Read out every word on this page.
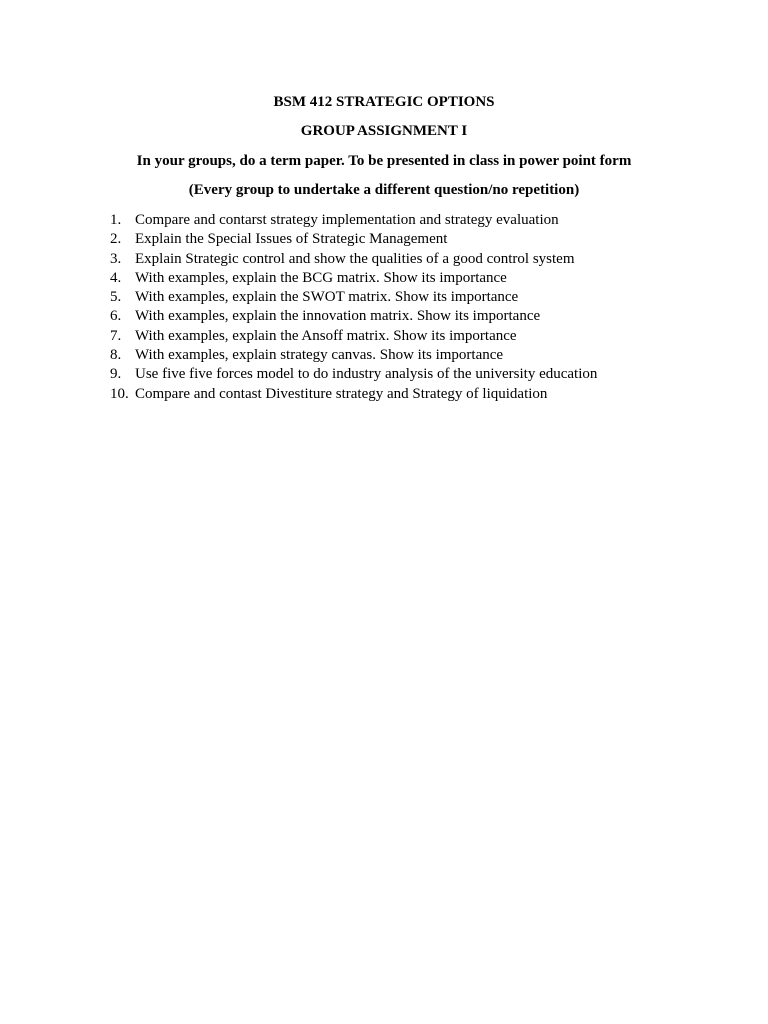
BSM 412 STRATEGIC OPTIONS
GROUP ASSIGNMENT I
In your groups, do a term paper. To be presented in class in power point form
(Every group to undertake a different question/no repetition)
1. Compare and contarst strategy implementation and strategy evaluation
2. Explain the Special Issues of Strategic Management
3. Explain Strategic control and show the qualities of a good control system
4. With examples, explain the BCG matrix. Show its importance
5. With examples, explain the SWOT matrix. Show its importance
6. With examples, explain the innovation matrix. Show its importance
7. With examples, explain the Ansoff matrix. Show its importance
8. With examples, explain strategy canvas. Show its importance
9. Use five five forces model to do industry analysis of the university education
10. Compare and contast Divestiture strategy and Strategy of liquidation
